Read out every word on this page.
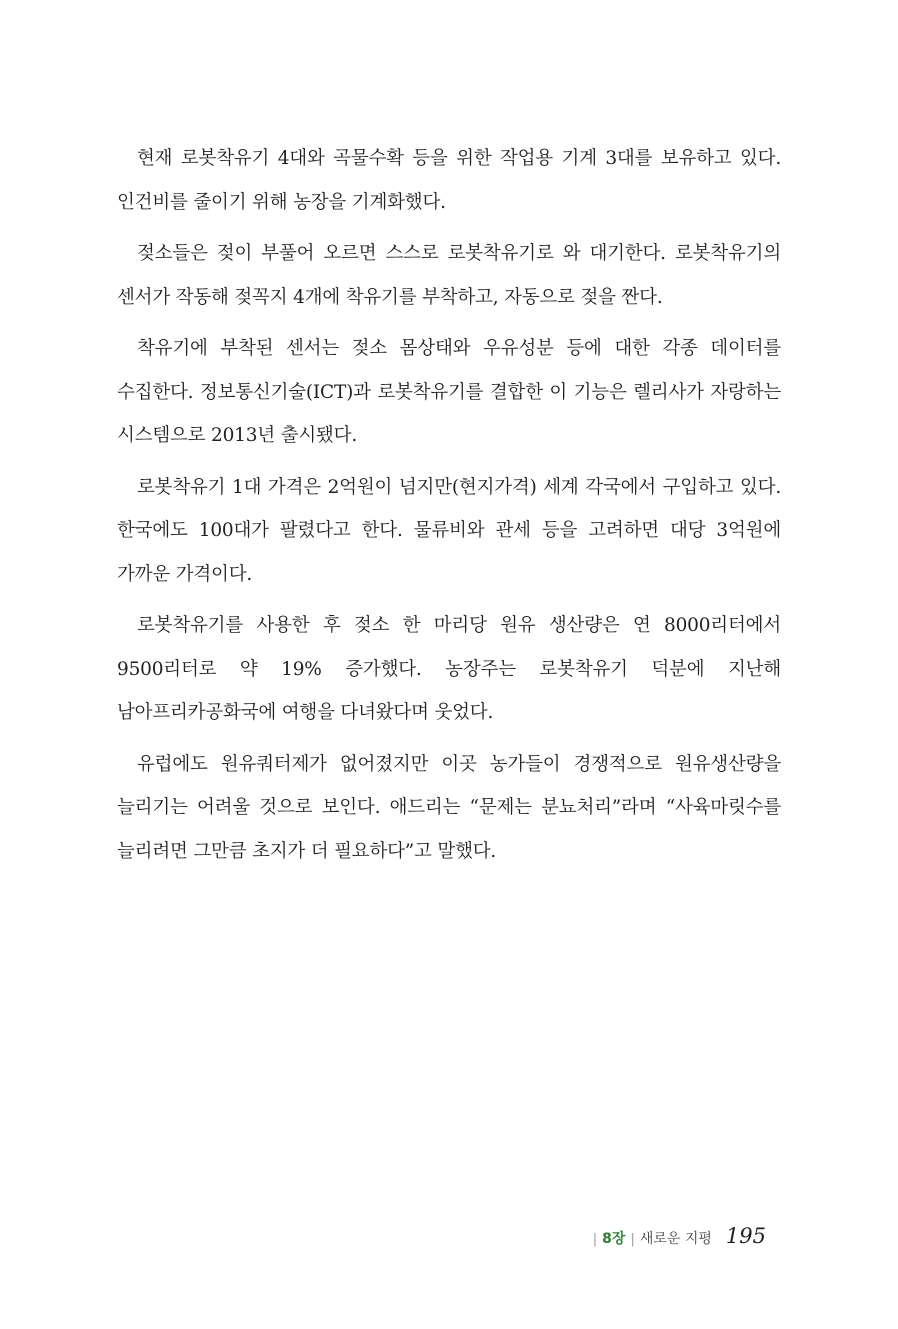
현재 로봇착유기 4대와 곡물수확 등을 위한 작업용 기계 3대를 보유하고 있다. 인건비를 줄이기 위해 농장을 기계화했다.

젖소들은 젖이 부풀어 오르면 스스로 로봇착유기로 와 대기한다. 로봇착유기의 센서가 작동해 젖꼭지 4개에 착유기를 부착하고, 자동으로 젖을 짠다.

착유기에 부착된 센서는 젖소 몸상태와 우유성분 등에 대한 각종 데이터를 수집한다. 정보통신기술(ICT)과 로봇착유기를 결합한 이 기능은 렐리사가 자랑하는 시스템으로 2013년 출시됐다.

로봇착유기 1대 가격은 2억원이 넘지만(현지가격) 세계 각국에서 구입하고 있다. 한국에도 100대가 팔렸다고 한다. 물류비와 관세 등을 고려하면 대당 3억원에 가까운 가격이다.

로봇착유기를 사용한 후 젖소 한 마리당 원유 생산량은 연 8000리터에서 9500리터로 약 19% 증가했다. 농장주는 로봇착유기 덕분에 지난해 남아프리카공화국에 여행을 다녀왔다며 웃었다.

유럽에도 원유쿼터제가 없어졌지만 이곳 농가들이 경쟁적으로 원유생산량을 늘리기는 어려울 것으로 보인다. 애드리는 “문제는 분뇨처리”라며 “사육마릿수를 늘리려면 그만큼 초지가 더 필요하다”고 말했다.

| 8장 | 새로운 지평 195
